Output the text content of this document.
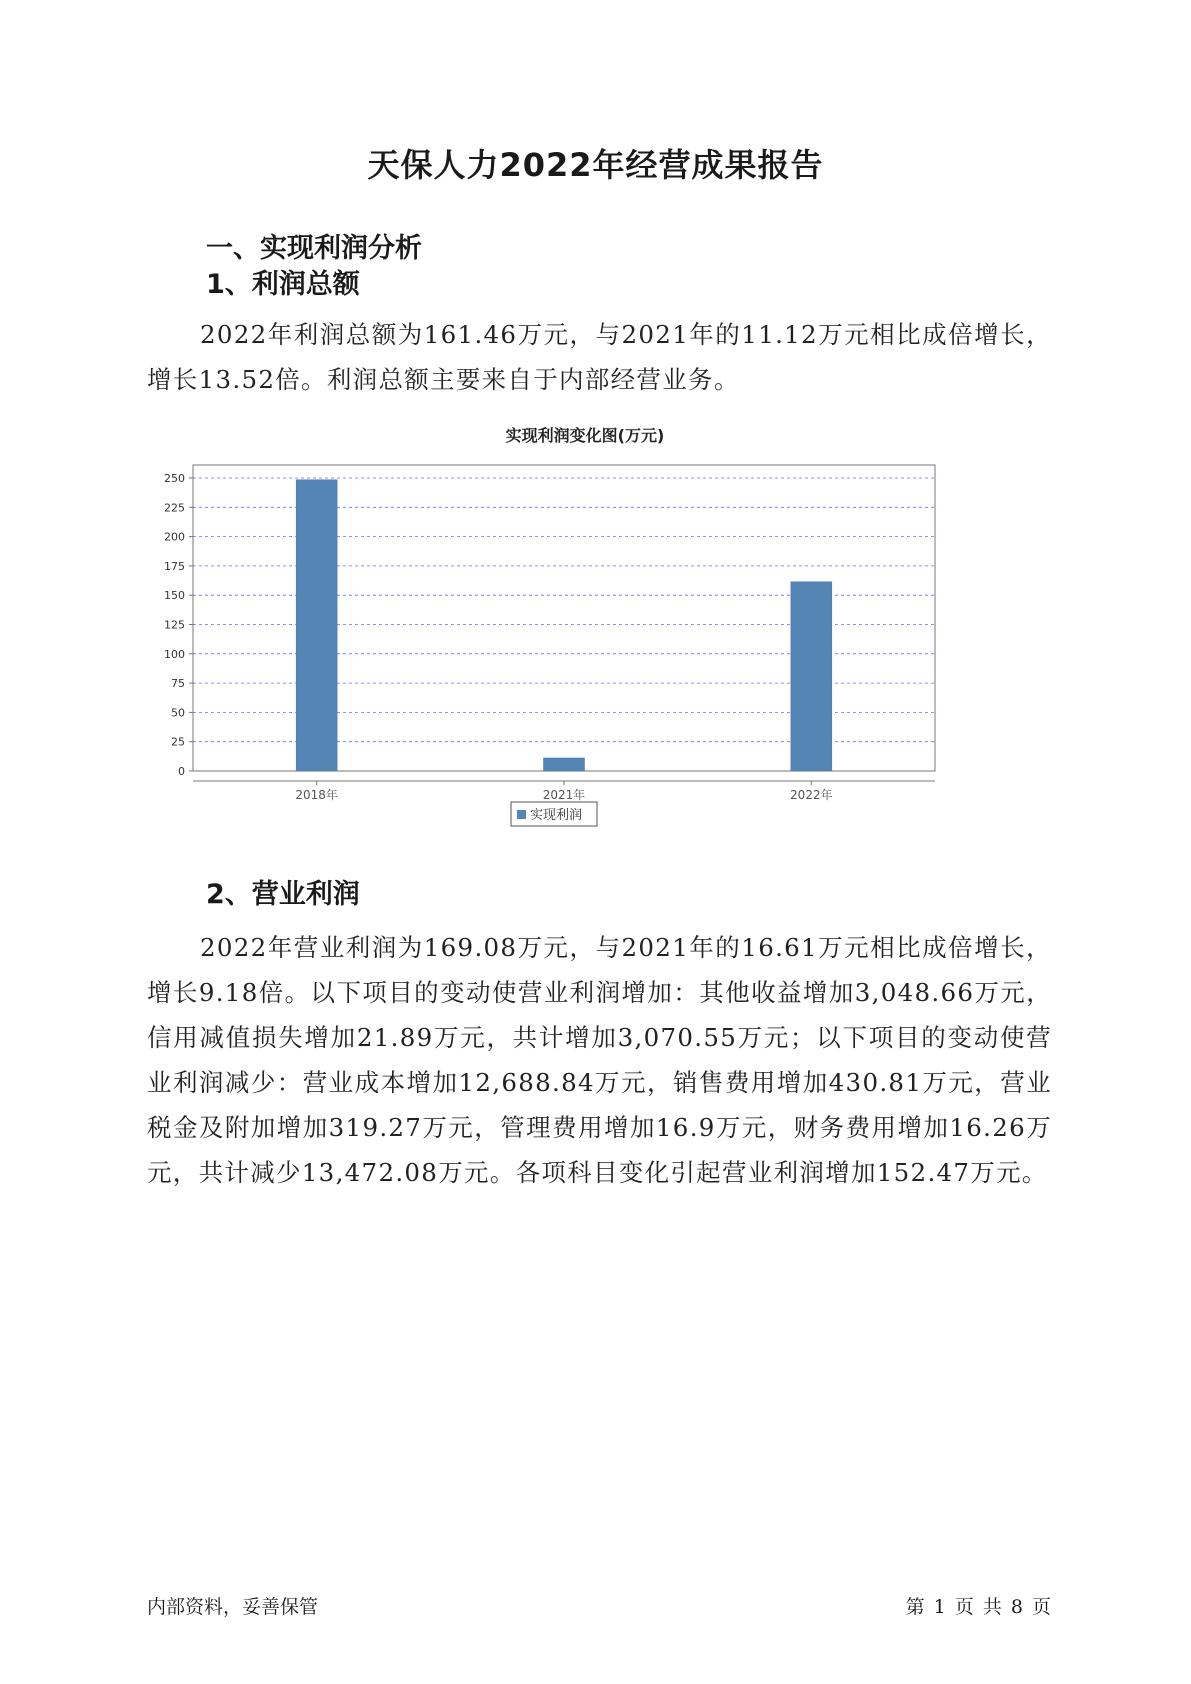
天保人力2022年经营成果报告
一、实现利润分析
1、利润总额

2022年利润总额为161.46万元，与2021年的11.12万元相比成倍增长，增长13.52倍。利润总额主要来自于内部经营业务。

实现利润变化图(万元)
0
25
50
75
100
125
150
175
200
225
250
2018年	2021年	2022年
实现利润
2、营业利润

2022年营业利润为169.08万元，与2021年的16.61万元相比成倍增长，增长9.18倍。以下项目的变动使营业利润增加：其他收益增加3,048.66万元，信用减值损失增加21.89万元，共计增加3,070.55万元；以下项目的变动使营业利润减少：营业成本增加12,688.84万元，销售费用增加430.81万元，营业税金及附加增加319.27万元，管理费用增加16.9万元，财务费用增加16.26万元，共计减少13,472.08万元。各项科目变化引起营业利润增加152.47万元。

内部资料，妥善保管	第 1 页 共 8 页
